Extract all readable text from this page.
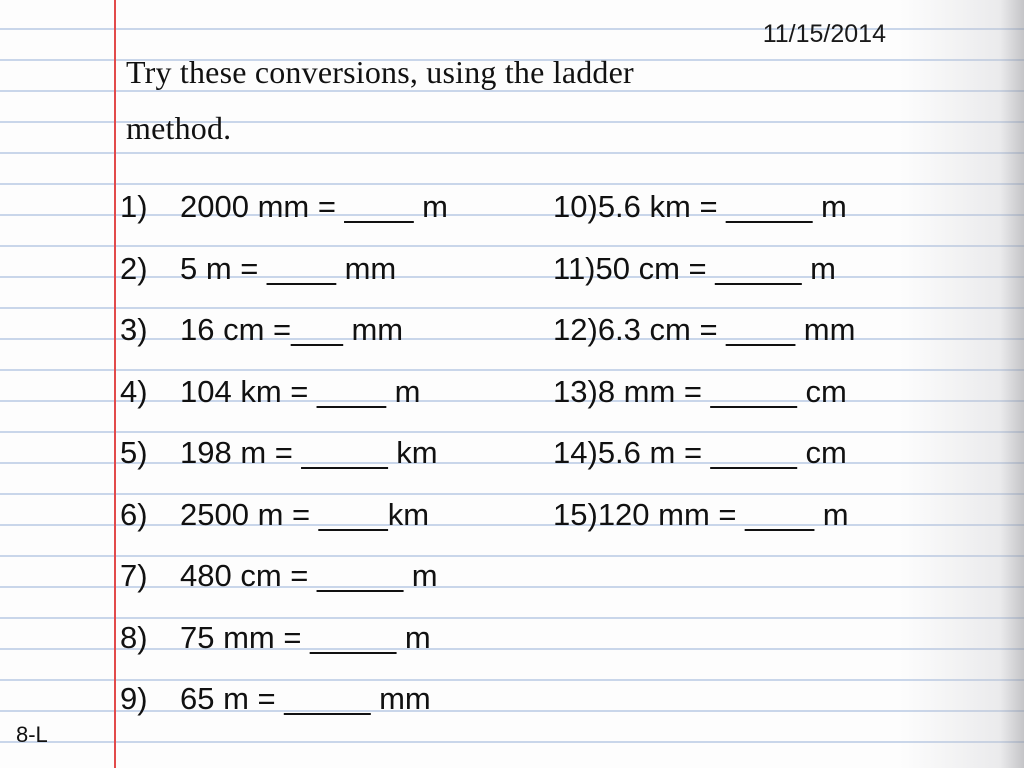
11/15/2014
Try these conversions, using the ladder method.
1)	2000 mm = ____ m
2)	5 m = ____ mm
3)	16 cm =___ mm
4)	104 km = ____ m
5)	198 m = _____ km
6)	2500 m = ____km
7)	480 cm = _____ m
8)	75 mm = _____ m
9)	65 m = _____ mm
10) 5.6 km = _____ m
11) 50 cm = _____ m
12) 6.3 cm = ____ mm
13) 8 mm = _____ cm
14) 5.6 m = _____ cm
15) 120 mm = ____ m
8-L
